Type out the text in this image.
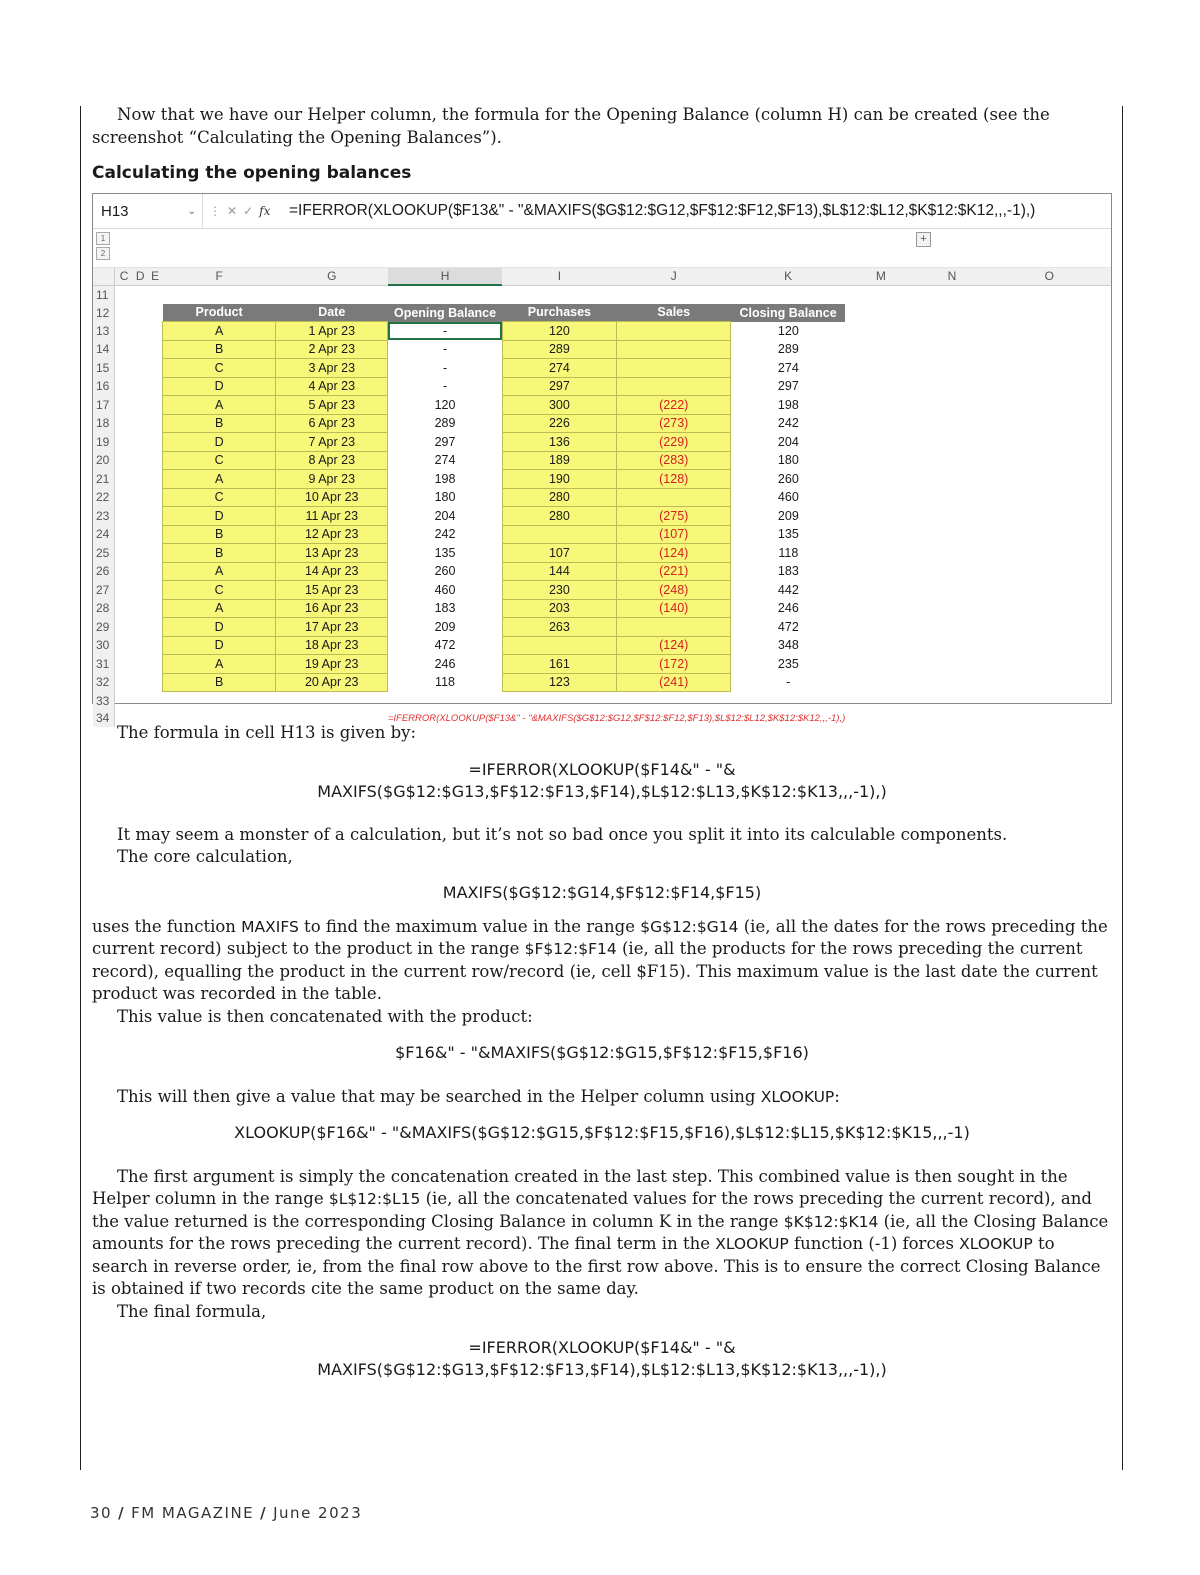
Now that we have our Helper column, the formula for the Opening Balance (column H) can be created (see the screenshot “Calculating the Opening Balances”).

Calculating the opening balances
H13	⌄ ⋮ ✕ ✓ fx	=IFERROR(XLOOKUP($F13&" - "&MAXIFS($G$12:$G12,$F$12:$F12,$F13),$L$12:$L12,$K$12:$K12,,,-1),)
1
2
+
	C	D	E	F	G	H	I	J	K	M	N	O
11												
12				Product	Date	Opening Balance	Purchases	Sales	Closing Balance			
13				A	1 Apr 23	-	120		120			
14				B	2 Apr 23	-	289		289			
15				C	3 Apr 23	-	274		274			
16				D	4 Apr 23	-	297		297			
17				A	5 Apr 23	120	300	(222)	198			
18				B	6 Apr 23	289	226	(273)	242			
19				D	7 Apr 23	297	136	(229)	204			
20				C	8 Apr 23	274	189	(283)	180			
21				A	9 Apr 23	198	190	(128)	260			
22				C	10 Apr 23	180	280		460			
23				D	11 Apr 23	204	280	(275)	209			
24				B	12 Apr 23	242		(107)	135			
25				B	13 Apr 23	135	107	(124)	118			
26				A	14 Apr 23	260	144	(221)	183			
27				C	15 Apr 23	460	230	(248)	442			
28				A	16 Apr 23	183	203	(140)	246			
29				D	17 Apr 23	209	263		472			
30				D	18 Apr 23	472		(124)	348			
31				A	19 Apr 23	246	161	(172)	235			
32				B	20 Apr 23	118	123	(241)	-			
33												
34						=IFERROR(XLOOKUP($F13&" - "&MAXIFS($G$12:$G12,$F$12:$F12,$F13),$L$12:$L12,$K$12:$K12,,,-1),)						

The formula in cell H13 is given by:

=IFERROR(XLOOKUP($F14&" - "&

MAXIFS($G$12:$G13,$F$12:$F13,$F14),$L$12:$L13,$K$12:$K13,,,-1),)

It may seem a monster of a calculation, but it’s not so bad once you split it into its calculable components.

The core calculation,

MAXIFS($G$12:$G14,$F$12:$F14,$F15)

uses the function MAXIFS to find the maximum value in the range $G$12:$G14 (ie, all the dates for the rows preceding the current record) subject to the product in the range $F$12:$F14 (ie, all the products for the rows preceding the current record), equalling the product in the current row/record (ie, cell $F15). This maximum value is the last date the current product was recorded in the table.

This value is then concatenated with the product:

$F16&" - "&MAXIFS($G$12:$G15,$F$12:$F15,$F16)

This will then give a value that may be searched in the Helper column using XLOOKUP:

XLOOKUP($F16&" - "&MAXIFS($G$12:$G15,$F$12:$F15,$F16),$L$12:$L15,$K$12:$K15,,,-1)

The first argument is simply the concatenation created in the last step. This combined value is then sought in the Helper column in the range $L$12:$L15 (ie, all the concatenated values for the rows preceding the current record), and the value returned is the corresponding Closing Balance in column K in the range $K$12:$K14 (ie, all the Closing Balance amounts for the rows preceding the current record). The final term in the XLOOKUP function (-1) forces XLOOKUP to search in reverse order, ie, from the final row above to the first row above. This is to ensure the correct Closing Balance is obtained if two records cite the same product on the same day.

The final formula,

=IFERROR(XLOOKUP($F14&" - "&

MAXIFS($G$12:$G13,$F$12:$F13,$F14),$L$12:$L13,$K$12:$K13,,,-1),)

30 / FM MAGAZINE / June 2023
